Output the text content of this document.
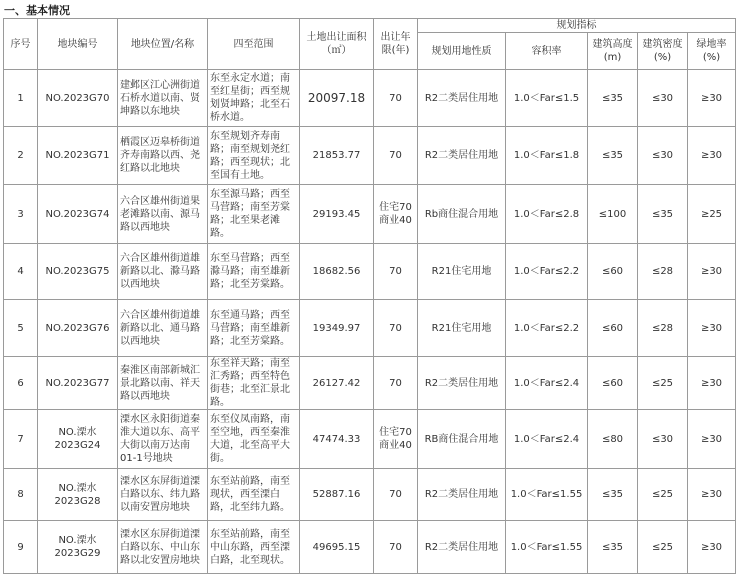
一、基本情况
序号	地块编号	地块位置/名称	四至范围	土地出让面积（㎡）	出让年限(年)	规划指标				
						规划用地性质	容积率	建筑高度(m)	建筑密度(%)	绿地率(%)
1	NO.2023G70	建邺区江心洲街道石桥水道以南、贤坤路以东地块	东至永定水道；南至红星街；西至规划贤坤路；北至石桥水道。	20097.18	70	R2二类居住用地	1.0＜Far≤1.5	≤35	≤30	≥30
2	NO.2023G71	栖霞区迈皋桥街道齐寿南路以西、尧红路以北地块	东至规划齐寿南路；南至规划尧红路；西至现状；北至国有土地。	21853.77	70	R2二类居住用地	1.0＜Far≤1.8	≤35	≤30	≥30
3	NO.2023G74	六合区雄州街道果老滩路以南、源马路以西地块	东至源马路；西至马营路；南至芳棠路；北至果老滩路。	29193.45	住宅70 商业40	Rb商住混合用地	1.0＜Far≤2.8	≤100	≤35	≥25
4	NO.2023G75	六合区雄州街道雄新路以北、滁马路以西地块	东至马营路；西至滁马路；南至雄新路；北至芳棠路。	18682.56	70	R21住宅用地	1.0＜Far≤2.2	≤60	≤28	≥30
5	NO.2023G76	六合区雄州街道雄新路以北、通马路以西地块	东至通马路；西至马营路；南至雄新路；北至芳棠路。	19349.97	70	R21住宅用地	1.0＜Far≤2.2	≤60	≤28	≥30
6	NO.2023G77	秦淮区南部新城汇景北路以南、祥天路以西地块	东至祥天路；南至汇秀路；西至特色街巷；北至汇景北路。	26127.42	70	R2二类居住用地	1.0＜Far≤2.4	≤60	≤25	≥30
7	NO.溧水2023G24	溧水区永阳街道秦淮大道以东、高平大街以南万达南01-1号地块	东至仪凤南路，南至空地，西至秦淮大道，北至高平大街。	47474.33	住宅70 商业40	RB商住混合用地	1.0＜Far≤2.4	≤80	≤30	≥30
8	NO.溧水2023G28	溧水区东屏街道溧白路以东、纬九路以南安置房地块	东至站前路，南至现状，西至溧白路，北至纬九路。	52887.16	70	R2二类居住用地	1.0＜Far≤1.55	≤35	≤25	≥30
9	NO.溧水2023G29	溧水区东屏街道溧白路以东、中山东路以北安置房地块	东至站前路，南至中山东路，西至溧白路，北至现状。	49695.15	70	R2二类居住用地	1.0＜Far≤1.55	≤35	≤25	≥30
